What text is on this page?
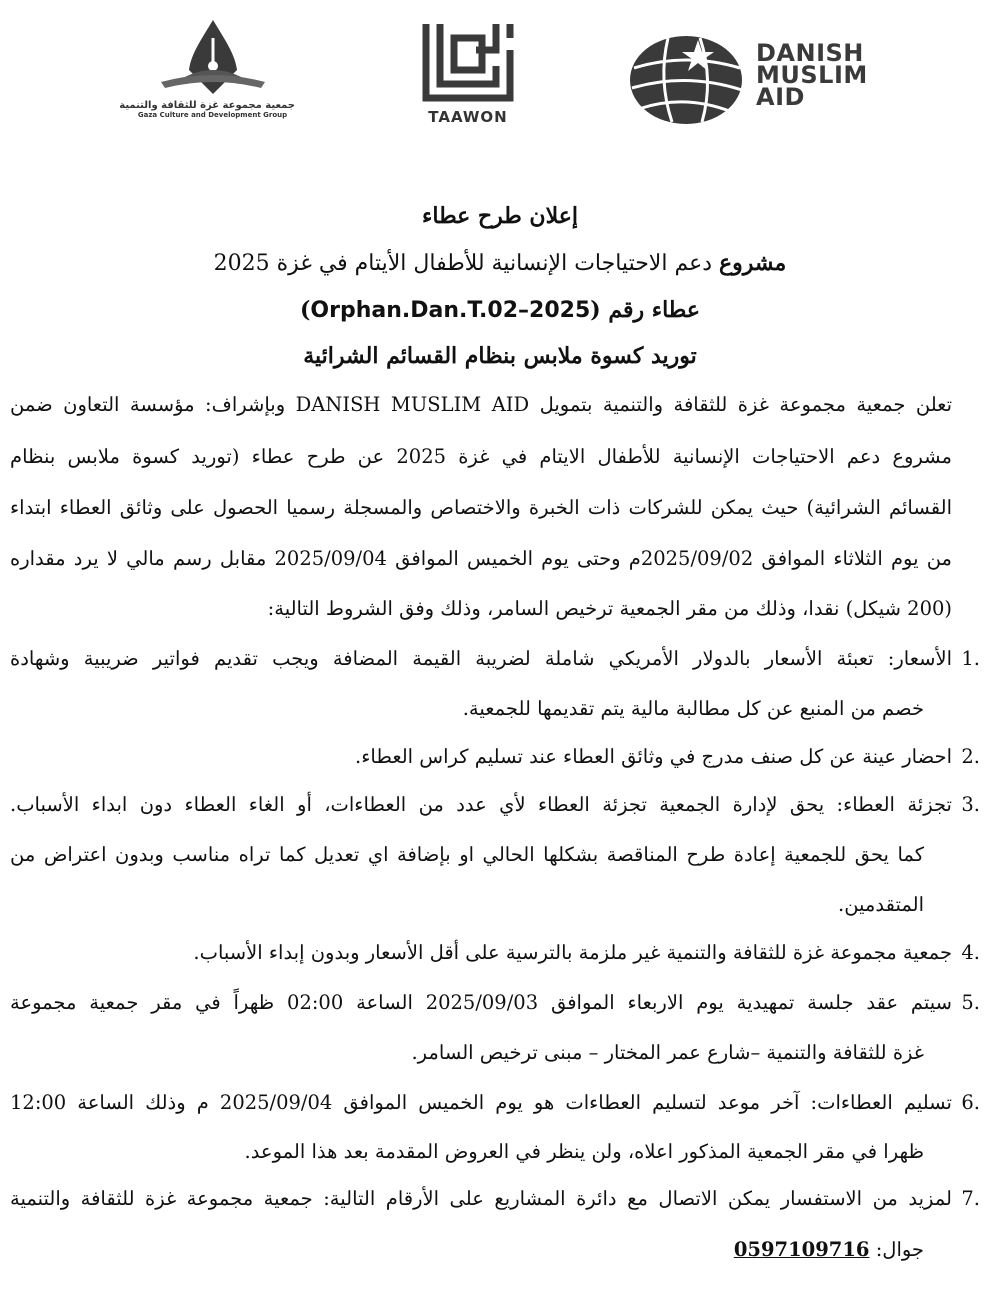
جمعية مجموعة غزة للثقافة والتنمية
Gaza Culture and Development Group	TAAWON
DANISH
MUSLIM
AID
إعلان طرح عطاء
مشروع دعم الاحتياجات الإنسانية للأطفال الأيتام في غزة 2025
عطاء رقم (Orphan.Dan.T.02–2025)
توريد كسوة ملابس بنظام القسائم الشرائية
تعلن جمعية مجموعة غزة للثقافة والتنمية بتمويل DANISH MUSLIM AID وبإشراف: مؤسسة التعاون ضمن
مشروع دعم الاحتياجات الإنسانية للأطفال الايتام في غزة 2025 عن طرح عطاء (توريد كسوة ملابس بنظام
القسائم الشرائية) حيث يمكن للشركات ذات الخبرة والاختصاص والمسجلة رسميا الحصول على وثائق العطاء ابتداء
من يوم الثلاثاء الموافق 2025/09/02م وحتى يوم الخميس الموافق 2025/09/04 مقابل رسم مالي لا يرد مقداره
(200 شيكل) نقدا، وذلك من مقر الجمعية ترخيص السامر، وذلك وفق الشروط التالية:
1.
الأسعار: تعبئة الأسعار بالدولار الأمريكي شاملة لضريبة القيمة المضافة ويجب تقديم فواتير ضريبية وشهادة
خصم من المنبع عن كل مطالبة مالية يتم تقديمها للجمعية.
2.
احضار عينة عن كل صنف مدرج في وثائق العطاء عند تسليم كراس العطاء.
3.
تجزئة العطاء: يحق لإدارة الجمعية تجزئة العطاء لأي عدد من العطاءات، أو الغاء العطاء دون ابداء الأسباب.
كما يحق للجمعية إعادة طرح المناقصة بشكلها الحالي او بإضافة اي تعديل كما تراه مناسب وبدون اعتراض من
المتقدمين.
4.
جمعية مجموعة غزة للثقافة والتنمية غير ملزمة بالترسية على أقل الأسعار وبدون إبداء الأسباب.
5.
سيتم عقد جلسة تمهيدية يوم الاربعاء الموافق 2025/09/03 الساعة 02:00 ظهراً في مقر جمعية مجموعة
غزة للثقافة والتنمية –شارع عمر المختار – مبنى ترخيص السامر.
6.
تسليم العطاءات: آخر موعد لتسليم العطاءات هو يوم الخميس الموافق 2025/09/04 م وذلك الساعة 12:00
ظهرا في مقر الجمعية المذكور اعلاه، ولن ينظر في العروض المقدمة بعد هذا الموعد.
7.
لمزيد من الاستفسار يمكن الاتصال مع دائرة المشاريع على الأرقام التالية: جمعية مجموعة غزة للثقافة والتنمية
جوال: 0597109716
